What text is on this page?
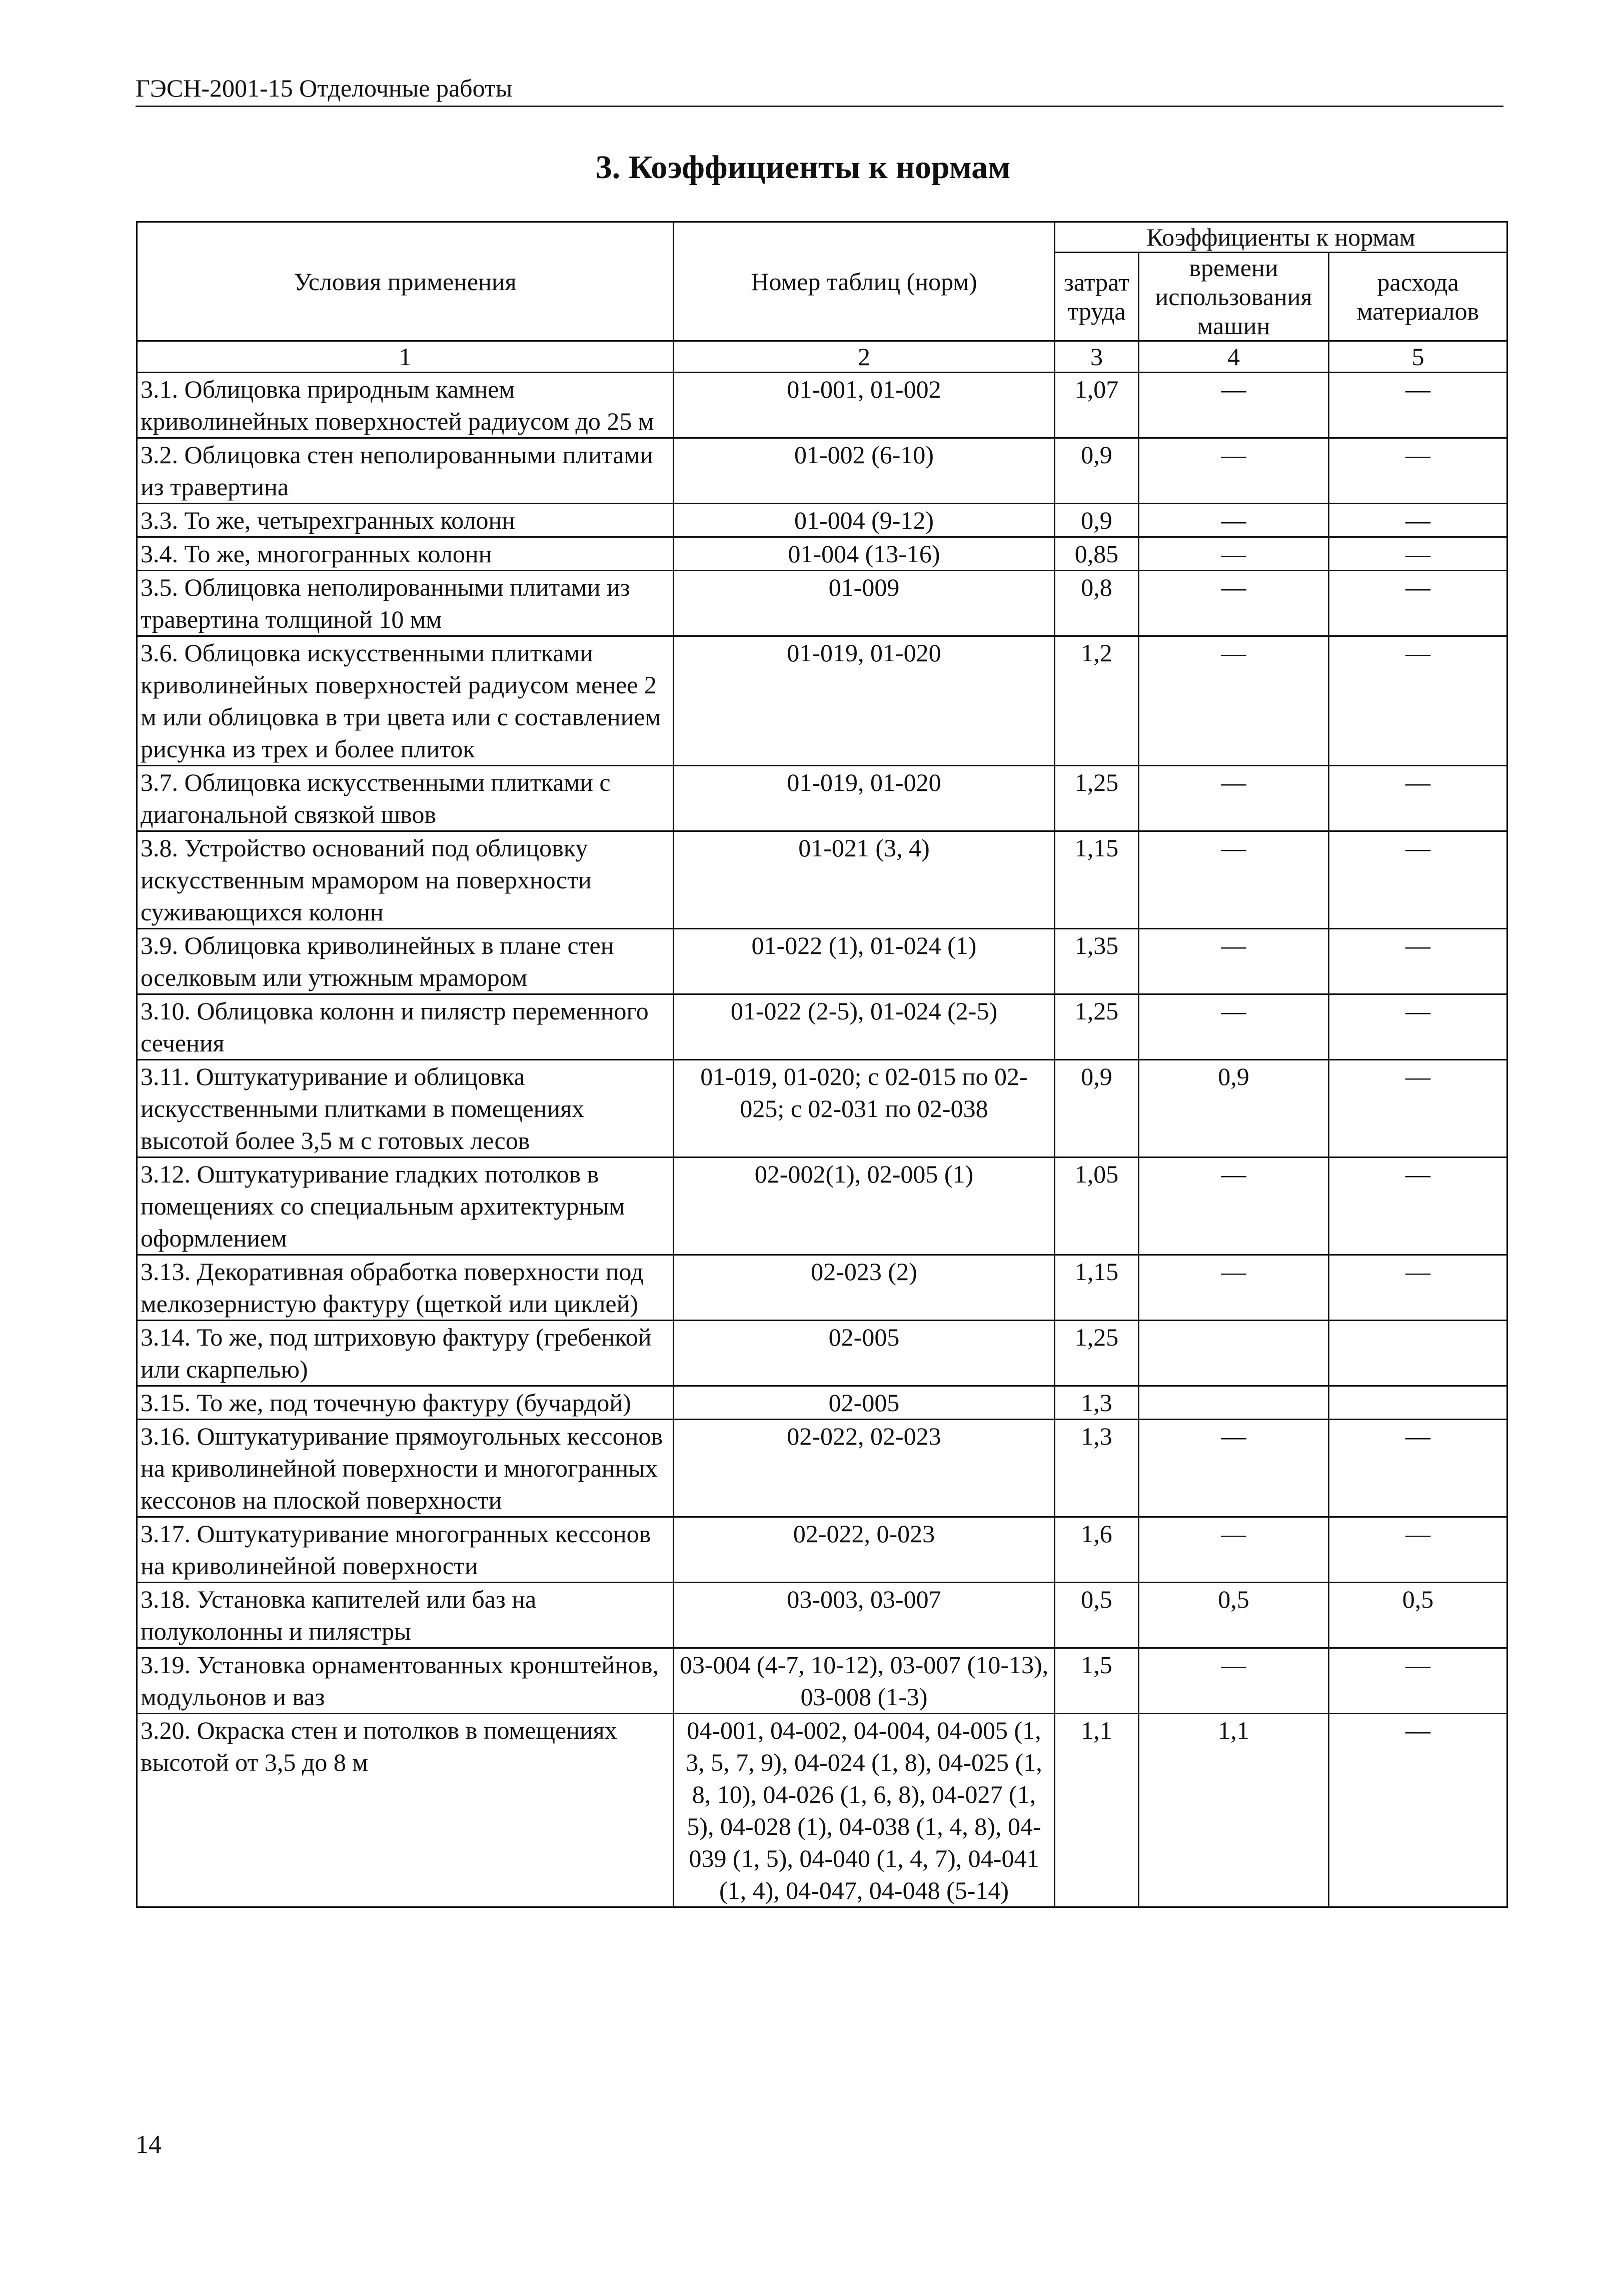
ГЭСН-2001-15 Отделочные работы
3. Коэффициенты к нормам
Условия применения	Номер таблиц (норм)	Коэффициенты к нормам		
		затрат труда	времени использования машин	расхода материалов
1	2	3	4	5
3.1. Облицовка природным камнем криволинейных поверхностей радиусом до 25 м	01-001, 01-002	1,07	—	—
3.2. Облицовка стен неполированными плитами из травертина	01-002 (6-10)	0,9	—	—
3.3. То же, четырехгранных колонн	01-004 (9-12)	0,9	—	—
3.4. То же, многогранных колонн	01-004 (13-16)	0,85	—	—
3.5. Облицовка неполированными плитами из травертина толщиной 10 мм	01-009	0,8	—	—
3.6. Облицовка искусственными плитками криволинейных поверхностей радиусом менее 2 м или облицовка в три цвета или с составлением рисунка из трех и более плиток	01-019, 01-020	1,2	—	—
3.7. Облицовка искусственными плитками с диагональной связкой швов	01-019, 01-020	1,25	—	—
3.8. Устройство оснований под облицовку искусственным мрамором на поверхности суживающихся колонн	01-021 (3, 4)	1,15	—	—
3.9. Облицовка криволинейных в плане стен оселковым или утюжным мрамором	01-022 (1), 01-024 (1)	1,35	—	—
3.10. Облицовка колонн и пилястр переменного сечения	01-022 (2-5), 01-024 (2-5)	1,25	—	—
3.11. Оштукатуривание и облицовка искусственными плитками в помещениях высотой более 3,5 м с готовых лесов	01-019, 01-020; с 02-015 по 02-025; с 02-031 по 02-038	0,9	0,9	—
3.12. Оштукатуривание гладких потолков в помещениях со специальным архитектурным оформлением	02-002(1), 02-005 (1)	1,05	—	—
3.13. Декоративная обработка поверхности под мелкозернистую фактуру (щеткой или циклей)	02-023 (2)	1,15	—	—
3.14. То же, под штриховую фактуру (гребенкой или скарпелью)	02-005	1,25		
3.15. То же, под точечную фактуру (бучардой)	02-005	1,3		
3.16. Оштукатуривание прямоугольных кессонов на криволинейной поверхности и многогранных кессонов на плоской поверхности	02-022, 02-023	1,3	—	—
3.17. Оштукатуривание многогранных кессонов на криволинейной поверхности	02-022, 0-023	1,6	—	—
3.18. Установка капителей или баз на полуколонны и пилястры	03-003, 03-007	0,5	0,5	0,5
3.19. Установка орнаментованных кронштейнов, модульонов и ваз	03-004 (4-7, 10-12), 03-007 (10-13), 03-008 (1-3)	1,5	—	—
3.20. Окраска стен и потолков в помещениях высотой от 3,5 до 8 м	04-001, 04-002, 04-004, 04-005 (1, 3, 5, 7, 9), 04-024 (1, 8), 04-025 (1, 8, 10), 04-026 (1, 6, 8), 04-027 (1, 5), 04-028 (1), 04-038 (1, 4, 8), 04-039 (1, 5), 04-040 (1, 4, 7), 04-041 (1, 4), 04-047, 04-048 (5-14)	1,1	1,1	—
14
